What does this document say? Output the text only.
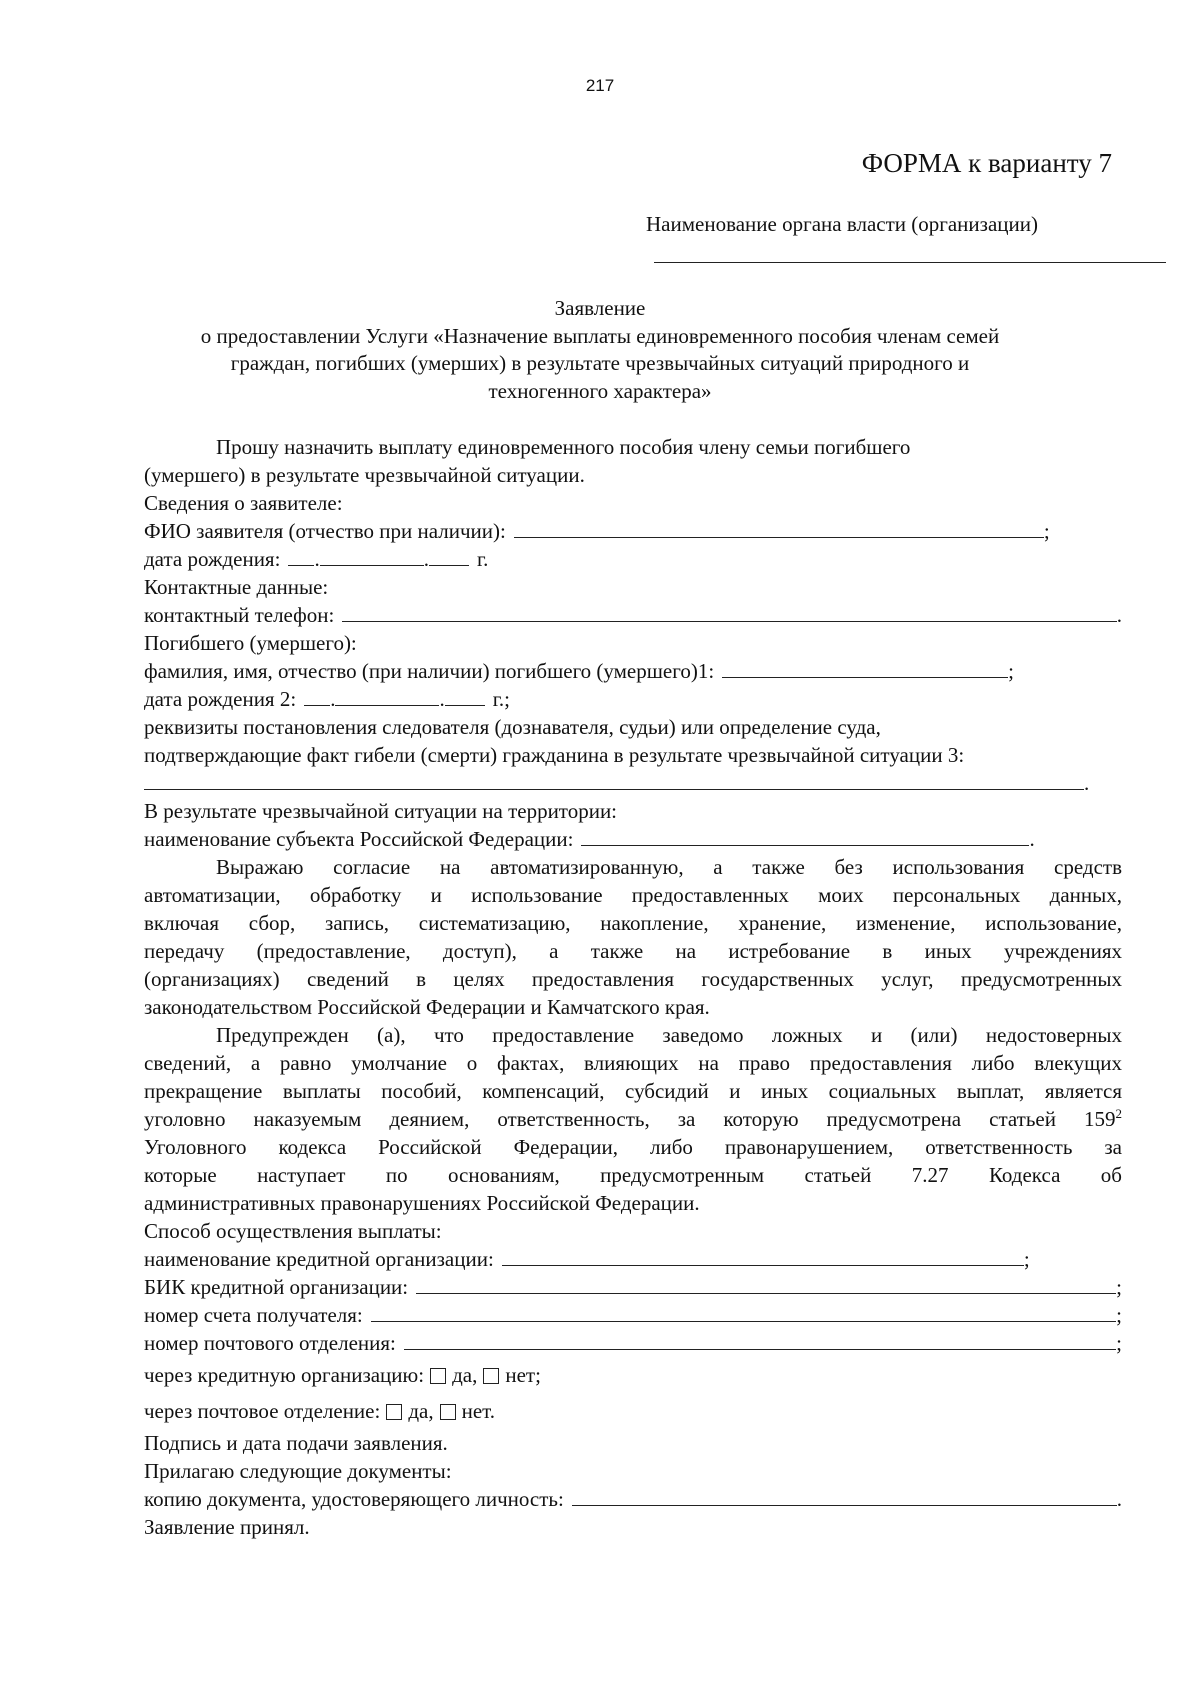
217
ФОРМА к варианту 7
Наименование органа власти (организации)
Заявление
о предоставлении Услуги «Назначение выплаты единовременного пособия членам семей
граждан, погибших (умерших) в результате чрезвычайных ситуаций природного и
техногенного характера»
Прошу назначить выплату единовременного пособия члену семьи погибшего
(умершего) в результате чрезвычайной ситуации.
Сведения о заявителе:
ФИО заявителя (отчество при наличии):	;
дата рождения: .	. г.
Контактные данные:
контактный телефон:	.
Погибшего (умершего):
фамилия, имя, отчество (при наличии) погибшего (умершего)1:	;
дата рождения 2: .	. г.;
реквизиты постановления следователя (дознавателя, судьи) или определение суда,
подтверждающие факт гибели (смерти) гражданина в результате чрезвычайной ситуации 3:
.
В результате чрезвычайной ситуации на территории:
наименование субъекта Российской Федерации:	.
Выражаю согласие на автоматизированную, а также без использования средств
автоматизации, обработку и использование предоставленных моих персональных данных,
включая сбор, запись, систематизацию, накопление, хранение, изменение, использование,
передачу (предоставление, доступ), а также на истребование в иных учреждениях
(организациях) сведений в целях предоставления государственных услуг, предусмотренных
законодательством Российской Федерации и Камчатского края.
Предупрежден (а), что предоставление заведомо ложных и (или) недостоверных
сведений, а равно умолчание о фактах, влияющих на право предоставления либо влекущих
прекращение выплаты пособий, компенсаций, субсидий и иных социальных выплат, является
уголовно наказуемым деянием, ответственность, за которую предусмотрена статьей $159^2$
Уголовного кодекса Российской Федерации, либо правонарушением, ответственность за
которые наступает по основаниям, предусмотренным статьей 7.27 Кодекса об
административных правонарушениях Российской Федерации.
Способ осуществления выплаты:
наименование кредитной организации:	;
БИК кредитной организации:	;
номер счета получателя:	;
номер почтового отделения:	;
через кредитную организацию: да, нет;
через почтовое отделение: да, нет.
Подпись и дата подачи заявления.
Прилагаю следующие документы:
копию документа, удостоверяющего личность:	.
Заявление принял.
